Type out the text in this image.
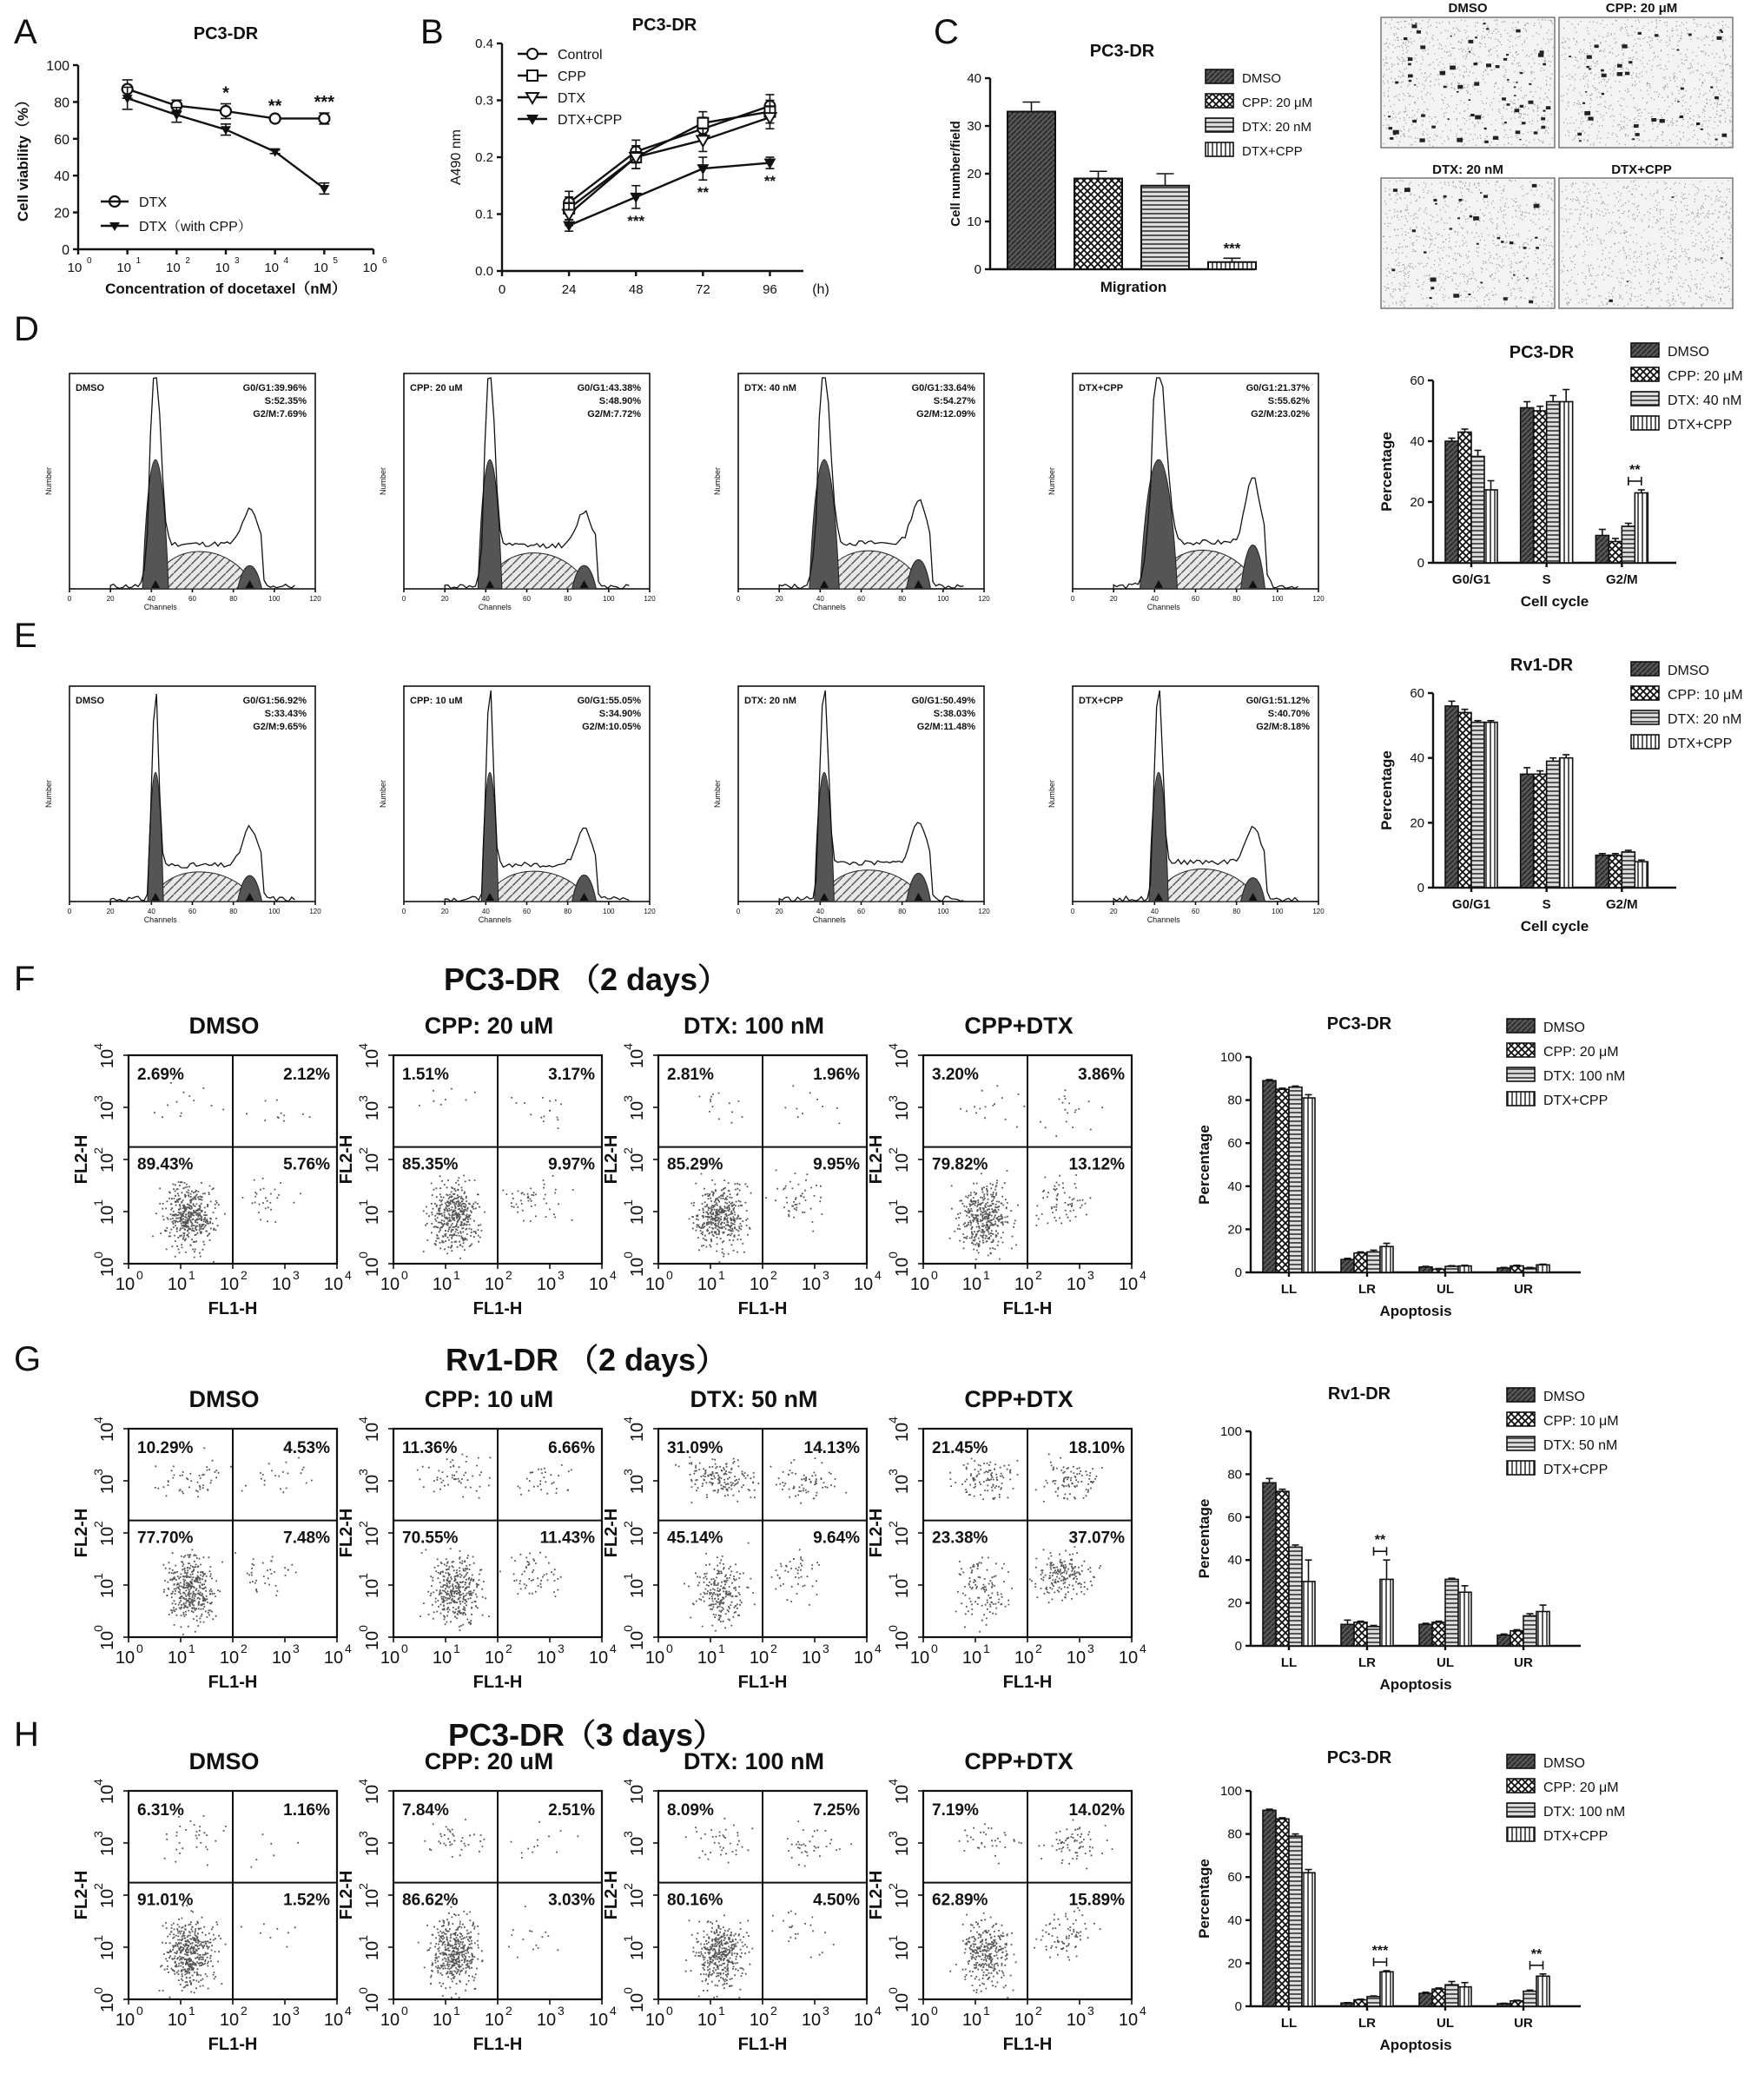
A	B	C
D
E
F
G
H
DMSO	CPP: 20 μM
DTX: 20 nM	DTX+CPP
PC3-DR （2 days）
Rv1-DR （2 days）
PC3-DR（3 days）
PC3-DR
Cell viability（%）
Concentration of docetaxel（nM）
0
20
40
60
80
100
10 0 10 1 10 2 10 3 10 4 10 5 10 6
*
** ***
DTX
DTX（with CPP）
PC3-DR
A490 nm
(h)
0.0
0.1
0.2
0.3
0.4
0	24	48	72	96
***
**
**
Control
CPP
DTX
DTX+CPP
PC3-DR
Cell number/field
Migration
0
10
20
30
40	DMSO
CPP: 20 μM
DTX: 20 nM
DTX+CPP
***
PC3-DR
Percentage
Cell cycle
0
20
40
60
G0/G1	S	G2/M
**
DMSO
CPP: 20 μM
DTX: 40 nM
DTX+CPP
Rv1-DR
Percentage
Cell cycle
0
20
40
60
G0/G1	S	G2/M
DMSO
CPP: 10 μM
DTX: 20 nM
DTX+CPP
PC3-DR
Percentage
Apoptosis
0
20
40
60
80
100
LL	LR	UL	UR
DMSO
CPP: 20 μM
DTX: 100 nM
DTX+CPP
Rv1-DR
Percentage
Apoptosis
0
20
40
60
80
100
LL	LR	UL	UR
**
DMSO
CPP: 10 μM
DTX: 50 nM
DTX+CPP
PC3-DR
Percentage
Apoptosis
0
20
40
60
80
100
LL	LR	UL	UR
***	**
DMSO
CPP: 20 μM
DTX: 100 nM
DTX+CPP
DMSO	G0/G1:39.96%
S:52.35%
G2/M:7.69%
Number
Channels
0	20	40	60	80	100	120
CPP: 20 uM	G0/G1:43.38%
S:48.90%
G2/M:7.72%
Number
Channels
0	20	40	60	80	100	120
DTX: 40 nM	G0/G1:33.64%
S:54.27%
G2/M:12.09%
Number
Channels
0	20	40	60	80	100	120
DTX+CPP	G0/G1:21.37%
S:55.62%
G2/M:23.02%
Number
Channels
0	20	40	60	80	100	120
DMSO	G0/G1:56.92%
S:33.43%
G2/M:9.65%
Number
Channels
0	20	40	60	80	100	120
CPP: 10 uM	G0/G1:55.05%
S:34.90%
G2/M:10.05%
Number
Channels
0	20	40	60	80	100	120
DTX: 20 nM	G0/G1:50.49%
S:38.03%
G2/M:11.48%
Number
Channels
0	20	40	60	80	100	120
DTX+CPP	G0/G1:51.12%
S:40.70%
G2/M:8.18%
Number
Channels
0	20	40	60	80	100	120
DMSO
2.69%	2.12%
89.43%	5.76%
10 0
10
0
10 1
10
1
10 2
10
2
10 3
10
3
10 4
10
4
FL1-H
FL2-H
CPP: 20 uM
1.51%	3.17%
85.35%	9.97%
10 0
10
0
10 1
10
1
10 2
10
2
10 3
10
3
10 4
10
4
FL1-H
FL2-H
DTX: 100 nM
2.81%	1.96%
85.29%	9.95%
10 0
10
0
10 1
10
1
10 2
10
2
10 3
10
3
10 4
10
4
FL1-H
FL2-H
CPP+DTX
3.20%	3.86%
79.82%	13.12%
10 0
10
0
10 1
10
1
10 2
10
2
10 3
10
3
10 4
10
4
FL1-H
FL2-H
DMSO
10.29%	4.53%
77.70%	7.48%
10 0
10
0
10 1
10
1
10 2
10
2
10 3
10
3
10 4
10
4
FL1-H
FL2-H
CPP: 10 uM
11.36%	6.66%
70.55%	11.43%
10 0
10
0
10 1
10
1
10 2
10
2
10 3
10
3
10 4
10
4
FL1-H
FL2-H
DTX: 50 nM
31.09%	14.13%
45.14%	9.64%
10 0
10
0
10 1
10
1
10 2
10
2
10 3
10
3
10 4
10
4
FL1-H
FL2-H
CPP+DTX
21.45%	18.10%
23.38%	37.07%
10 0
10
0
10 1
10
1
10 2
10
2
10 3
10
3
10 4
10
4
FL1-H
FL2-H
DMSO
6.31%	1.16%
91.01%	1.52%
10 0
10
0
10 1
10
1
10 2
10
2
10 3
10
3
10 4
10
4
FL1-H
FL2-H
CPP: 20 uM
7.84%	2.51%
86.62%	3.03%
10 0
10
0
10 1
10
1
10 2
10
2
10 3
10
3
10 4
10
4
FL1-H
FL2-H
DTX: 100 nM
8.09%	7.25%
80.16%	4.50%
10 0
10
0
10 1
10
1
10 2
10
2
10 3
10
3
10 4
10
4
FL1-H
FL2-H
CPP+DTX
7.19%	14.02%
62.89%	15.89%
10 0
10
0
10 1
10
1
10 2
10
2
10 3
10
3
10 4
10
4
FL1-H
FL2-H
